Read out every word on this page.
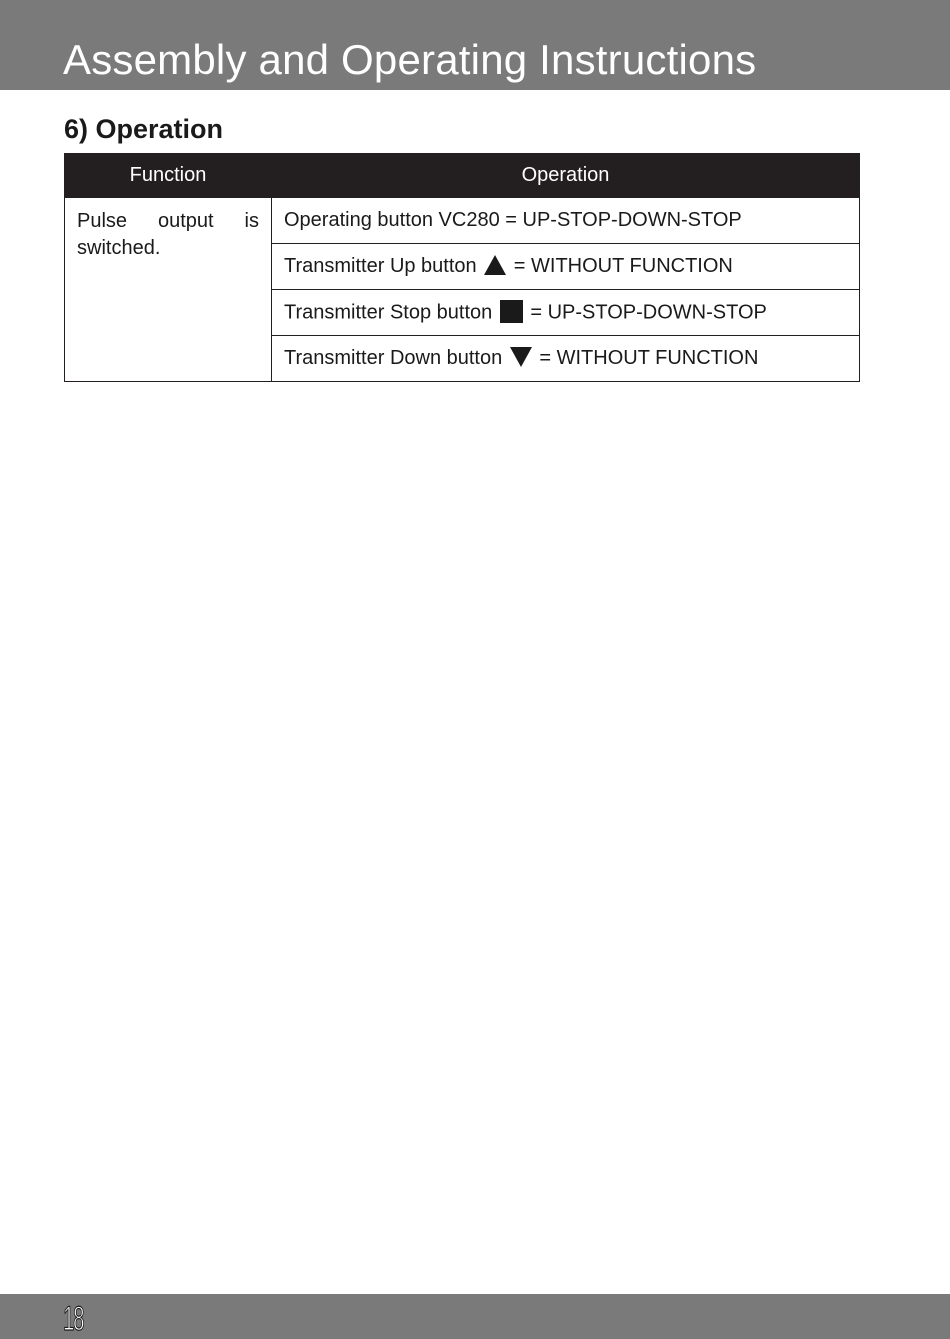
Assembly and Operating Instructions
6) Operation
Function	Operation
Pulse output is switched.	Operating button VC280 = UP-STOP-DOWN-STOP
	Transmitter Up button = WITHOUT FUNCTION
	Transmitter Stop button = UP-STOP-DOWN-STOP
	Transmitter Down button = WITHOUT FUNCTION
18
